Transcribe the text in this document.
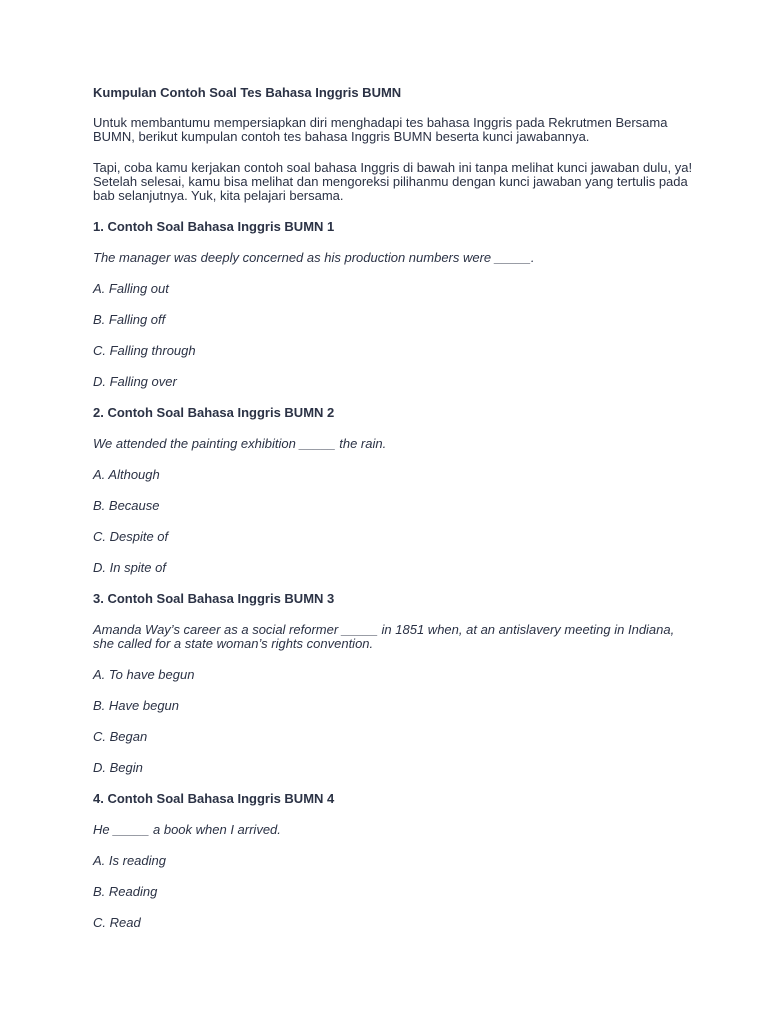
Kumpulan Contoh Soal Tes Bahasa Inggris BUMN

Untuk membantumu mempersiapkan diri menghadapi tes bahasa Inggris pada Rekrutmen Bersama BUMN, berikut kumpulan contoh tes bahasa Inggris BUMN beserta kunci jawabannya.

Tapi, coba kamu kerjakan contoh soal bahasa Inggris di bawah ini tanpa melihat kunci jawaban dulu, ya! Setelah selesai, kamu bisa melihat dan mengoreksi pilihanmu dengan kunci jawaban yang tertulis pada bab selanjutnya. Yuk, kita pelajari bersama.

1. Contoh Soal Bahasa Inggris BUMN 1

The manager was deeply concerned as his production numbers were _____.

A. Falling out

B. Falling off

C. Falling through

D. Falling over

2. Contoh Soal Bahasa Inggris BUMN 2

We attended the painting exhibition _____ the rain.

A. Although

B. Because

C. Despite of

D. In spite of

3. Contoh Soal Bahasa Inggris BUMN 3

Amanda Way’s career as a social reformer _____ in 1851 when, at an antislavery meeting in Indiana, she called for a state woman’s rights convention.

A. To have begun

B. Have begun

C. Began

D. Begin

4. Contoh Soal Bahasa Inggris BUMN 4

He _____ a book when I arrived.

A. Is reading

B. Reading

C. Read
